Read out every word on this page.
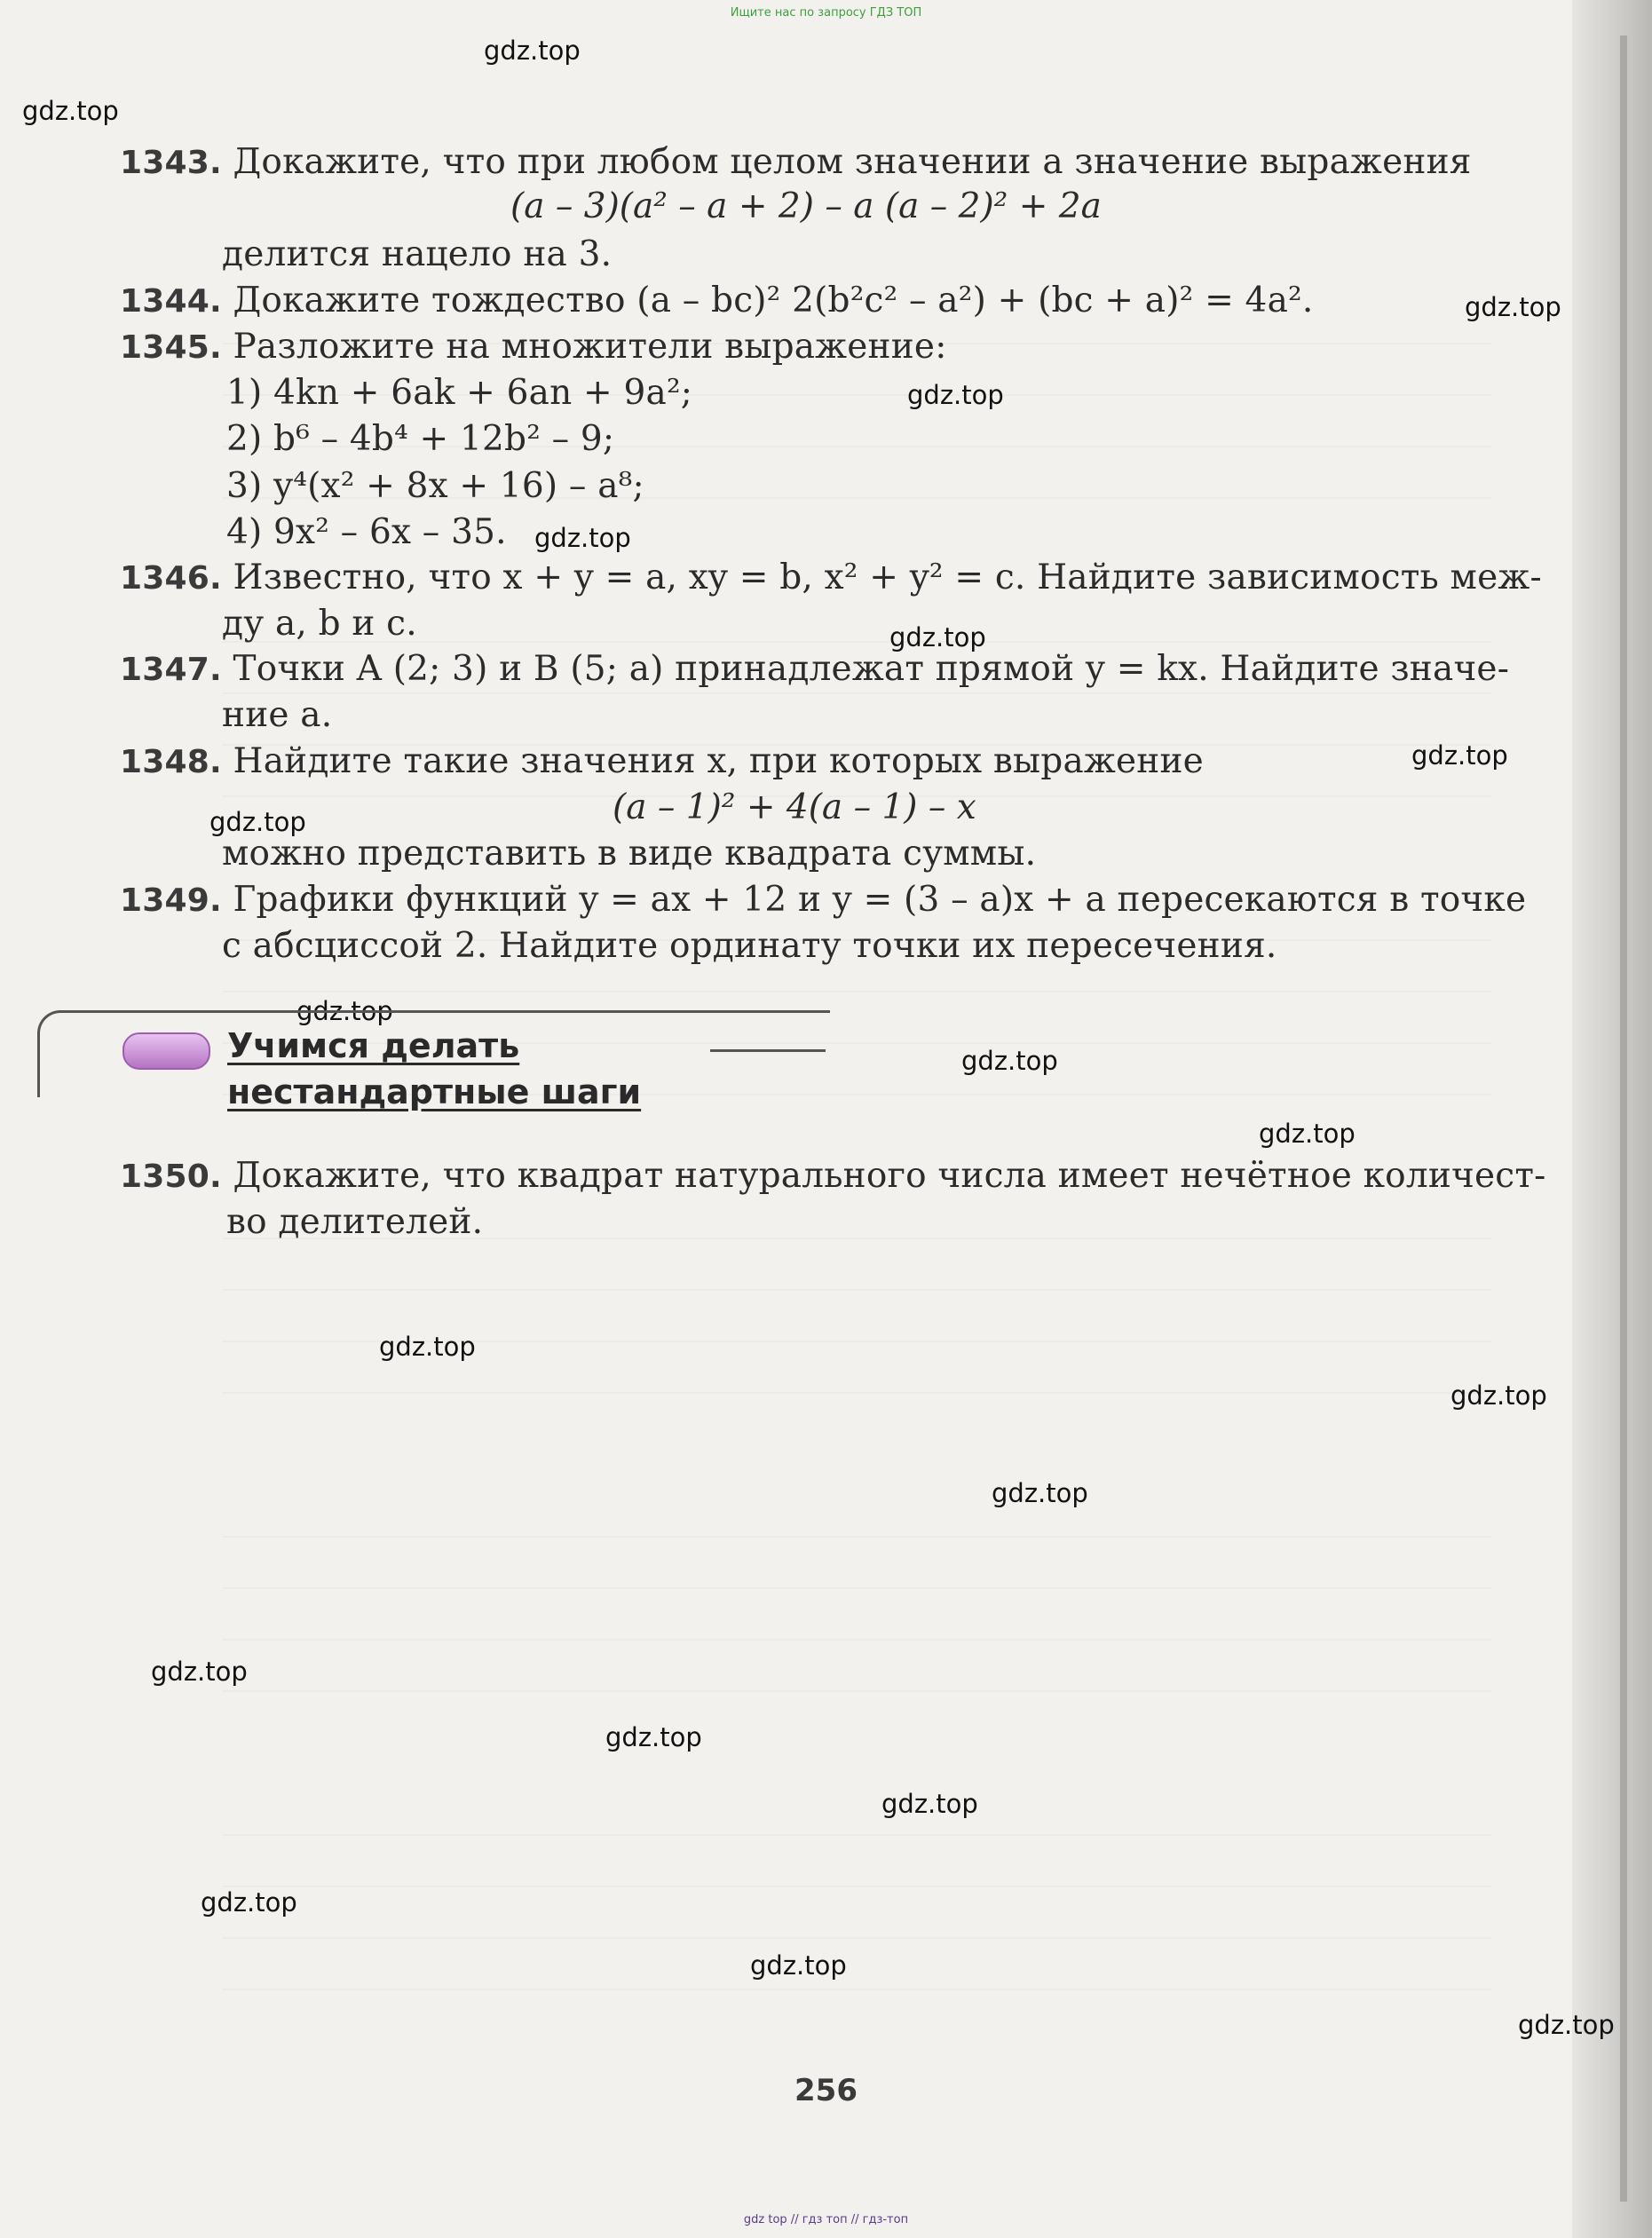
Ищите нас по запросу ГДЗ ТОП
gdz.top
gdz.top
gdz.top
gdz.top
gdz.top
gdz.top
gdz.top
gdz.top
gdz.top
gdz.top
gdz.top
gdz.top
gdz.top
gdz.top
gdz.top
gdz.top
gdz.top
gdz.top
gdz.top
gdz.top
1343. Докажите, что при любом целом значении a значение выражения
(a – 3)(a² – a + 2) – a (a – 2)² + 2a
делится нацело на 3.
1344. Докажите тождество (a – bc)² 2(b²c² – a²) + (bc + a)² = 4a².
1345. Разложите на множители выражение:
1) 4kn + 6ak + 6an + 9a²;
2) b⁶ – 4b⁴ + 12b² – 9;
3) y⁴(x² + 8x + 16) – a⁸;
4) 9x² – 6x – 35.
1346. Известно, что x + y = a, xy = b, x² + y² = c. Найдите зависимость меж-
ду a, b и c.
1347. Точки A (2; 3) и B (5; a) принадлежат прямой y = kx. Найдите значе-
ние a.
1348. Найдите такие значения x, при которых выражение
(a – 1)² + 4(a – 1) – x
можно представить в виде квадрата суммы.
1349. Графики функций y = ax + 12 и y = (3 – a)x + a пересекаются в точке
с абсциссой 2. Найдите ординату точки их пересечения.
Учимся делать
нестандартные шаги
1350. Докажите, что квадрат натурального числа имеет нечётное количест-
во делителей.
256
gdz top // гдз топ // гдз-топ
